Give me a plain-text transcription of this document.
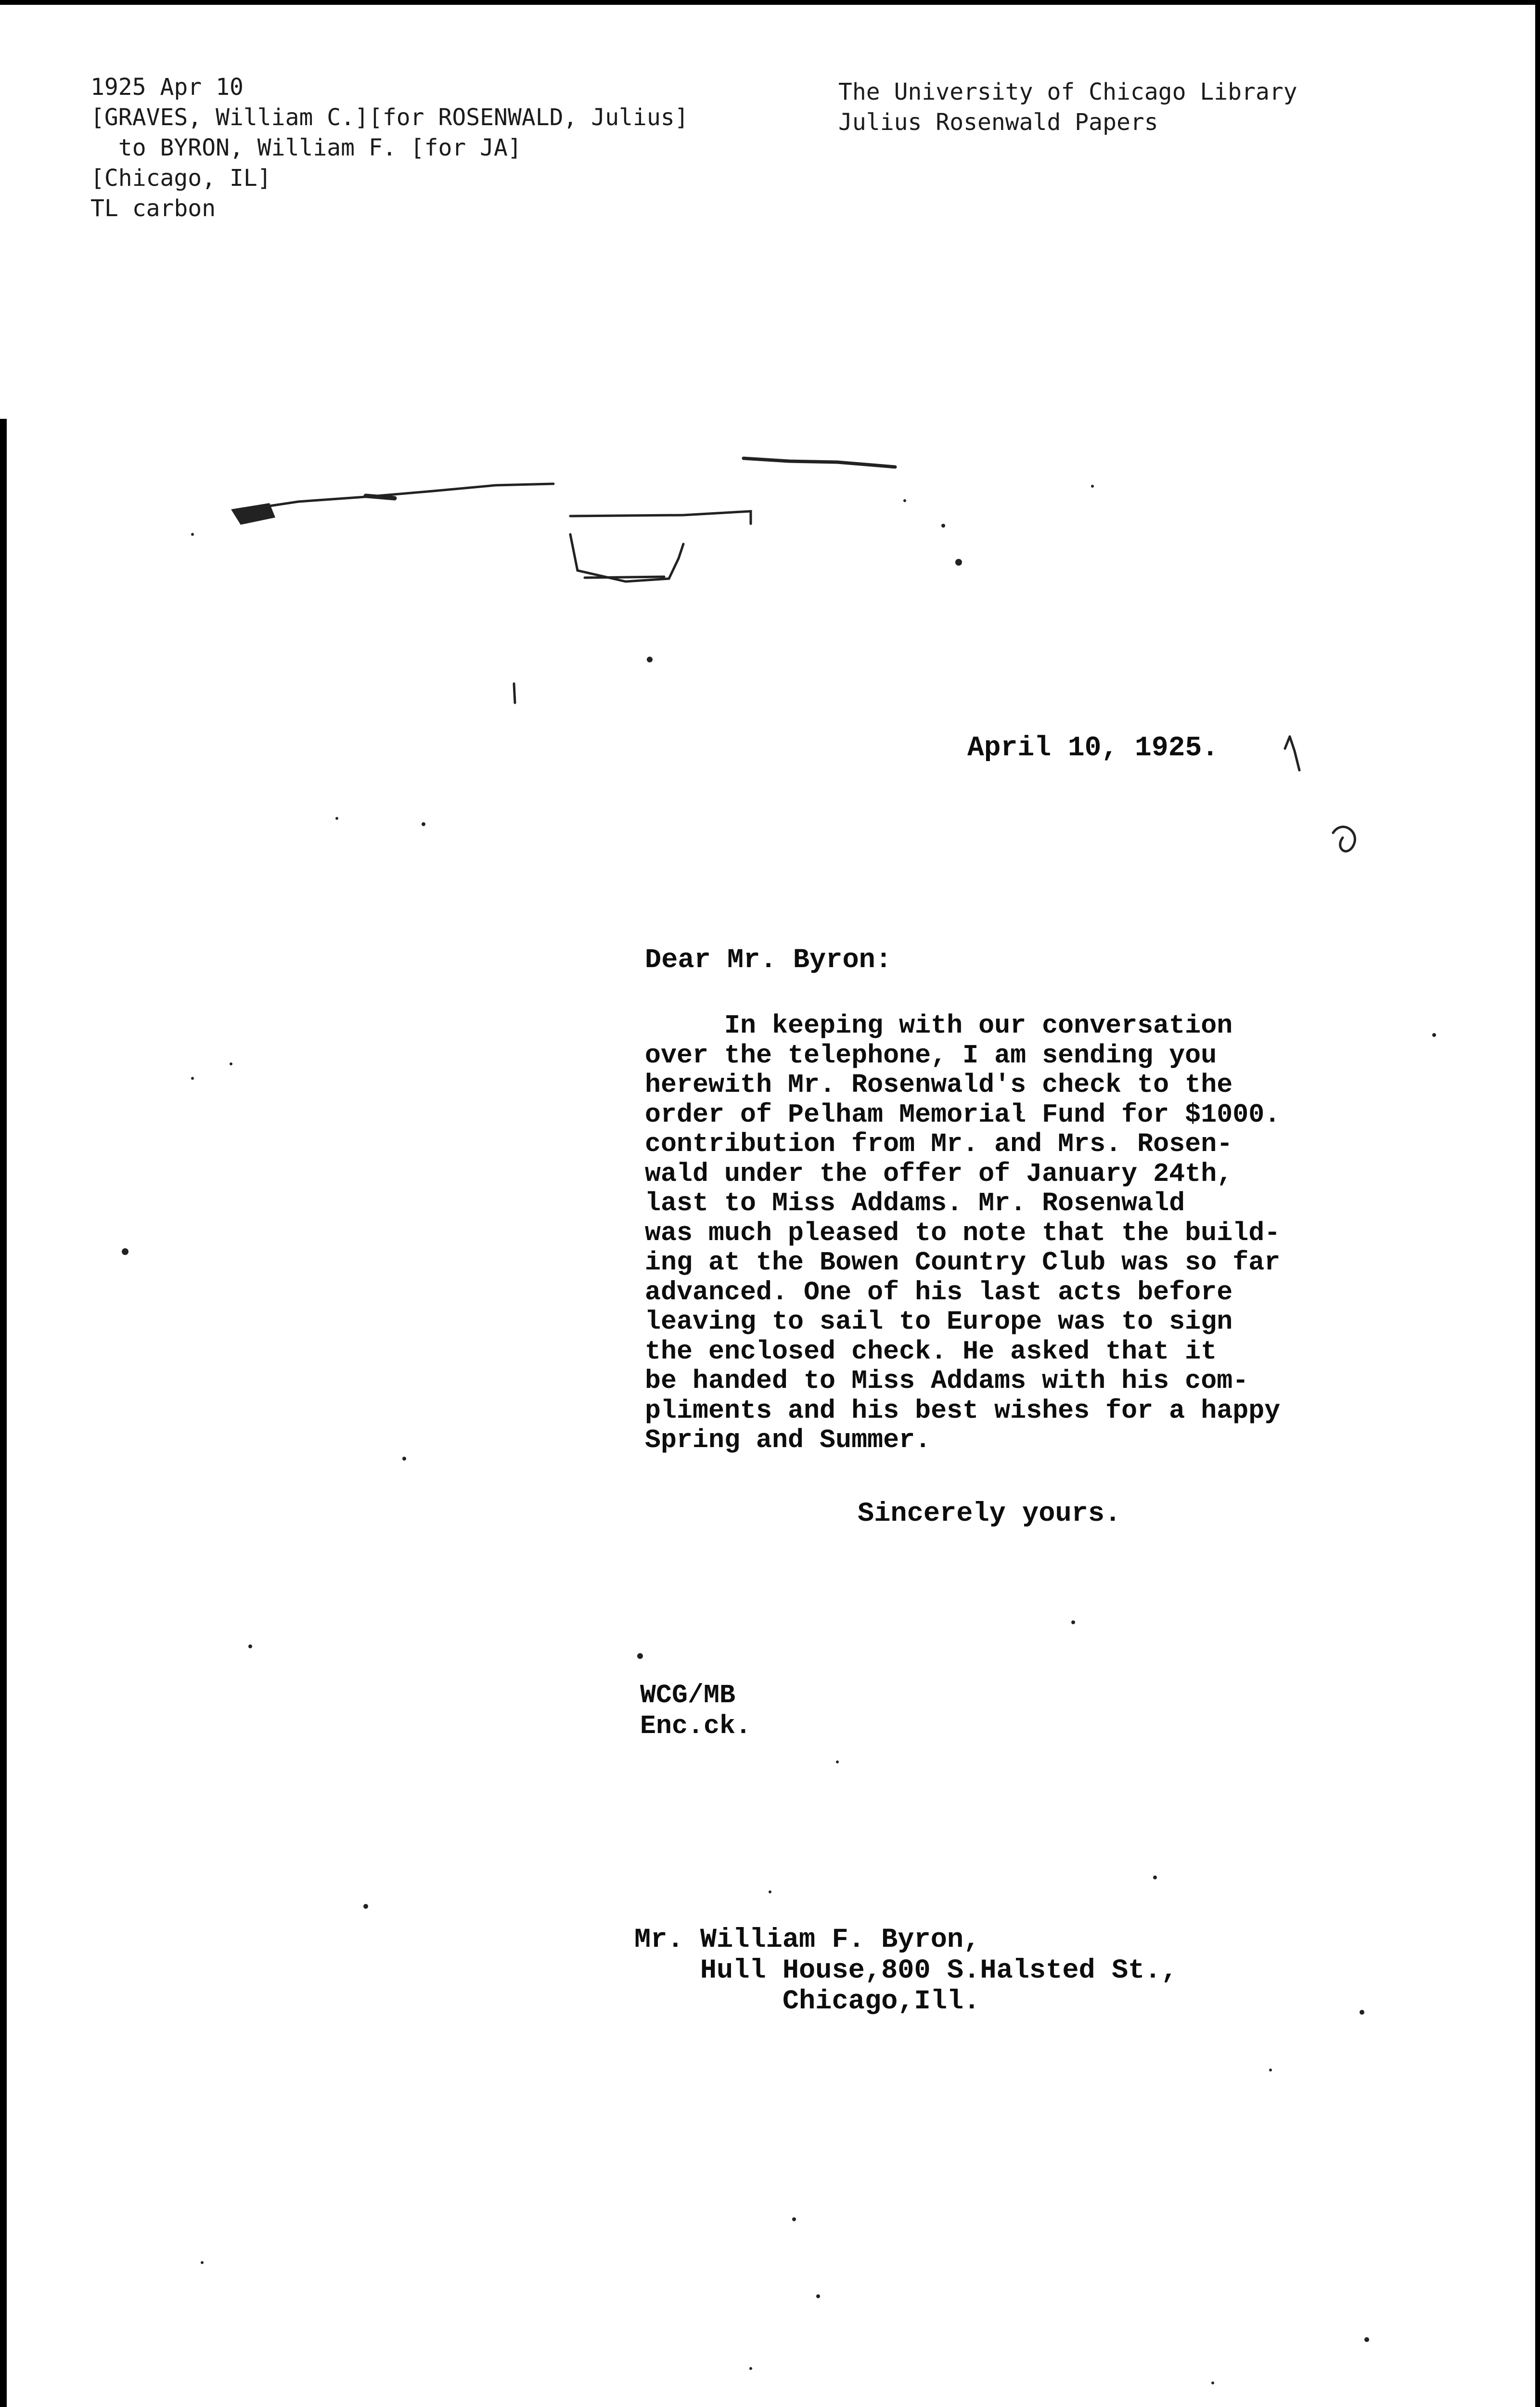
1925 Apr 10
[GRAVES, William C.][for ROSENWALD, Julius]
to BYRON, William F. [for JA]
[Chicago, IL]
TL carbon
The University of Chicago Library
Julius Rosenwald Papers
April 10, 1925.
Dear Mr. Byron:
In keeping with our conversation
over the telephone, I am sending you
herewith Mr. Rosenwald's check to the
order of Pelham Memorial Fund for $1000.
contribution from Mr. and Mrs. Rosen-
wald under the offer of January 24th,
last to Miss Addams. Mr. Rosenwald
was much pleased to note that the build-
ing at the Bowen Country Club was so far
advanced. One of his last acts before
leaving to sail to Europe was to sign
the enclosed check. He asked that it
be handed to Miss Addams with his com-
pliments and his best wishes for a happy
Spring and Summer.
Sincerely yours.
WCG/MB
Enc.ck.
Mr. William F. Byron,
Hull House,800 S.Halsted St.,
Chicago,Ill.
